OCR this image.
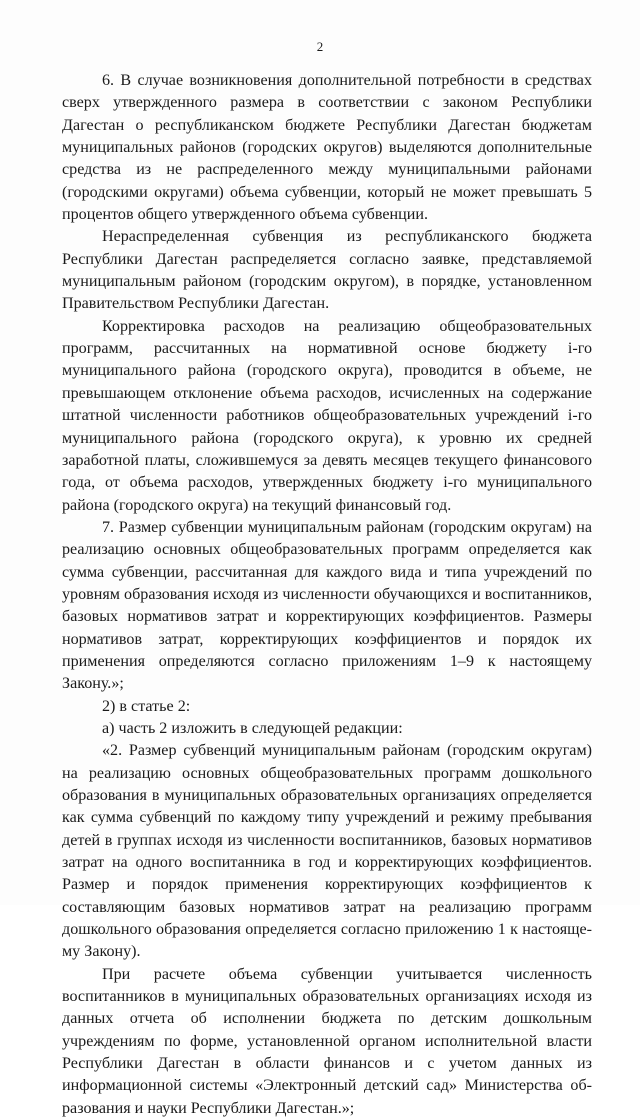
2

6. В случае возникновения дополнительной потребности в средствах сверх утвержденного размера в соответствии с законом Республики Дагестан о республиканском бюджете Республики Дагестан бюджетам муниципальных районов (городских округов) выделяются дополнительные средства из не распределенного между муниципальными районами (городскими округами) объема субвенции, который не может превышать 5 процентов общего утвержденного объема субвенции.

Нераспределенная субвенция из республиканского бюджета Республики Дагестан распределяется согласно заявке, представляемой муниципальным районом (городским округом), в порядке, установленном Правительством Республики Дагестан.

Корректировка расходов на реализацию общеобразовательных программ, рассчитанных на нормативной основе бюджету i-го муниципального района (городского округа), проводится в объеме, не превышающем отклонение объема расходов, исчисленных на содержание штатной численности работников общеобразовательных учреждений i-го муниципального района (городского округа), к уровню их средней заработной платы, сложившемуся за девять месяцев текущего финансового года, от объема расходов, утвержденных бюджету i-го муниципального района (городского округа) на текущий финансовый год.

7. Размер субвенции муниципальным районам (городским округам) на реализацию основных общеобразовательных программ определяется как сумма субвенции, рассчитанная для каждого вида и типа учреждений по уровням образования исходя из численности обучающихся и воспитанников, базовых нормативов затрат и корректирующих коэффициентов. Размеры нормативов затрат, корректирующих коэффициентов и порядок их применения определяются согласно приложениям 1–9 к настоящему Закону.»;

2) в статье 2:

а) часть 2 изложить в следующей редакции:

«2. Размер субвенций муниципальным районам (городским округам) на реализацию основных общеобразовательных программ дошкольного образования в муниципальных образовательных организациях определяется как сумма субвенций по каждому типу учреждений и режиму пребывания детей в группах исходя из численности воспитанников, базовых нормативов затрат на одного воспитанника в год и корректирующих коэффициентов. Размер и порядок применения корректирующих коэффициентов к составляющим базовых нормативов затрат на реализацию программ дошкольного образования определяется согласно приложению 1 к настоящему Закону).

При расчете объема субвенции учитывается численность воспитанников в муниципальных образовательных организациях исходя из данных отчета об исполнении бюджета по детским дошкольным учреждениям по форме, установленной органом исполнительной власти Республики Дагестан в области финансов и с учетом данных из информационной системы «Электронный детский сад» Министерства образования и науки Республики Дагестан.»;
